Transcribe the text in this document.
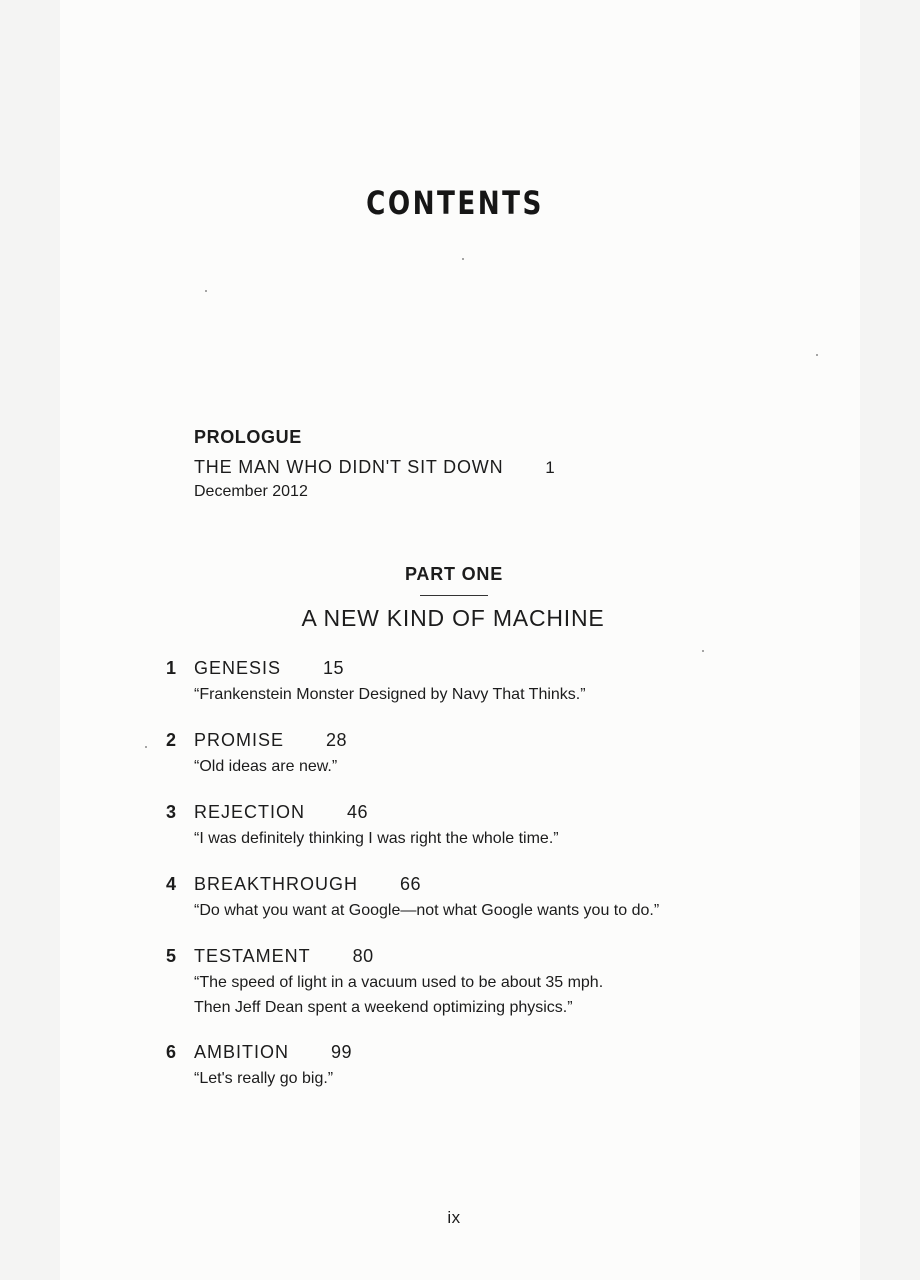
CONTENTS
PROLOGUE
THE MAN WHO DIDN'T SIT DOWN 1
December 2012
PART ONE
A NEW KIND OF MACHINE
1 GENESIS 15
“Frankenstein Monster Designed by Navy That Thinks.”
2 PROMISE 28
“Old ideas are new.”
3 REJECTION 46
“I was definitely thinking I was right the whole time.”
4 BREAKTHROUGH 66
“Do what you want at Google—not what Google wants you to do.”
5 TESTAMENT 80
“The speed of light in a vacuum used to be about 35 mph.
Then Jeff Dean spent a weekend optimizing physics.”
6 AMBITION 99
“Let's really go big.”
ix
